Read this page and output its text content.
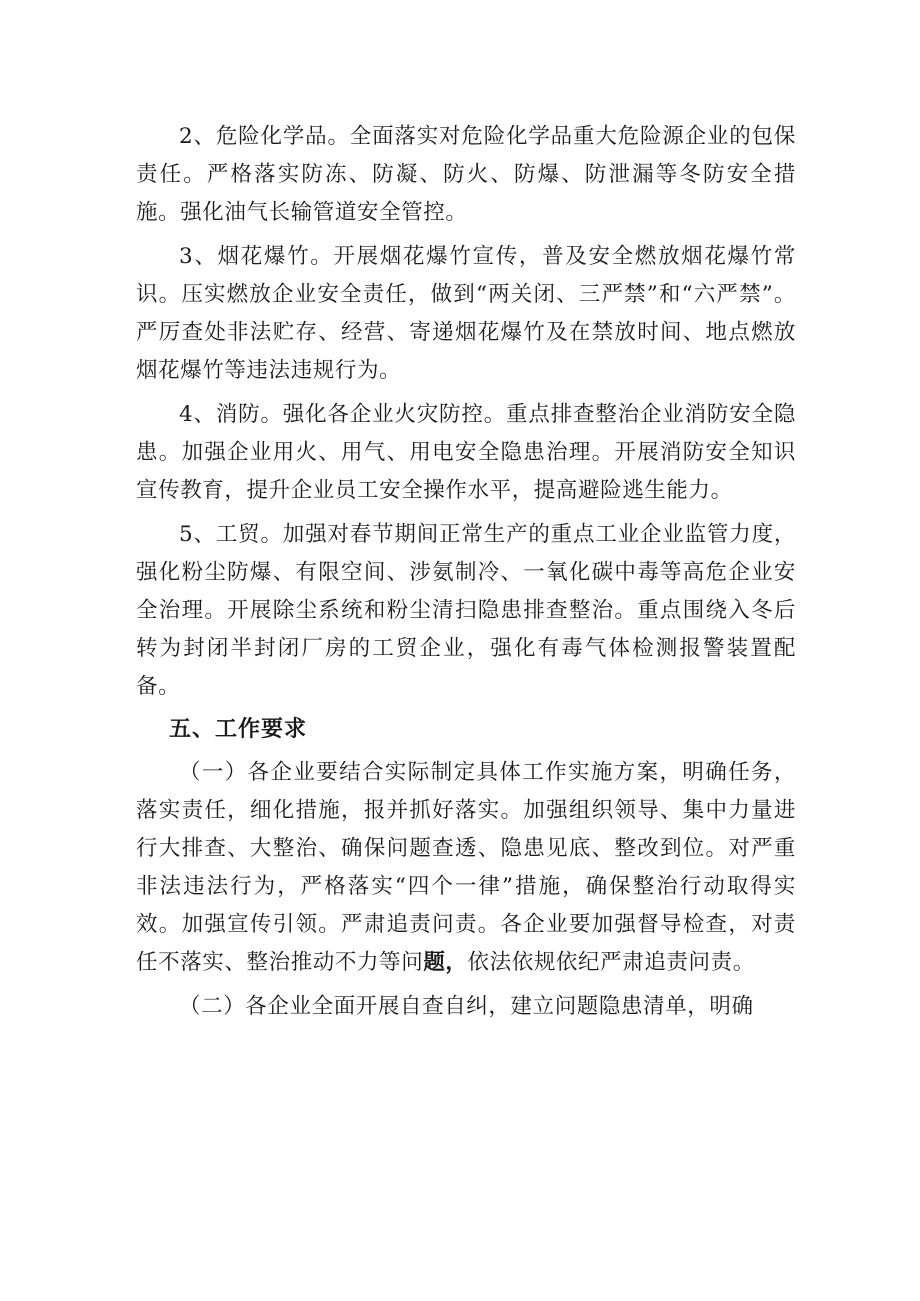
2、危险化学品。全面落实对危险化学品重大危险源企业的包保责任。严格落实防冻、防凝、防火、防爆、防泄漏等冬防安全措施。强化油气长输管道安全管控。

3、烟花爆竹。开展烟花爆竹宣传，普及安全燃放烟花爆竹常识。压实燃放企业安全责任，做到“两关闭、三严禁”和“六严禁”。严厉查处非法贮存、经营、寄递烟花爆竹及在禁放时间、地点燃放烟花爆竹等违法违规行为。

4、消防。强化各企业火灾防控。重点排查整治企业消防安全隐患。加强企业用火、用气、用电安全隐患治理。开展消防安全知识宣传教育，提升企业员工安全操作水平，提高避险逃生能力。

5、工贸。加强对春节期间正常生产的重点工业企业监管力度，强化粉尘防爆、有限空间、涉氨制冷、一氧化碳中毒等高危企业安全治理。开展除尘系统和粉尘清扫隐患排查整治。重点围绕入冬后转为封闭半封闭厂房的工贸企业，强化有毒气体检测报警装置配备。

五、工作要求

（一）各企业要结合实际制定具体工作实施方案，明确任务，落实责任，细化措施，报并抓好落实。加强组织领导、集中力量进行大排查、大整治、确保问题查透、隐患见底、整改到位。对严重非法违法行为，严格落实“四个一律”措施，确保整治行动取得实效。加强宣传引领。严肃追责问责。各企业要加强督导检查，对责任不落实、整治推动不力等问题，依法依规依纪严肃追责问责。

（二）各企业全面开展自查自纠，建立问题隐患清单，明确
